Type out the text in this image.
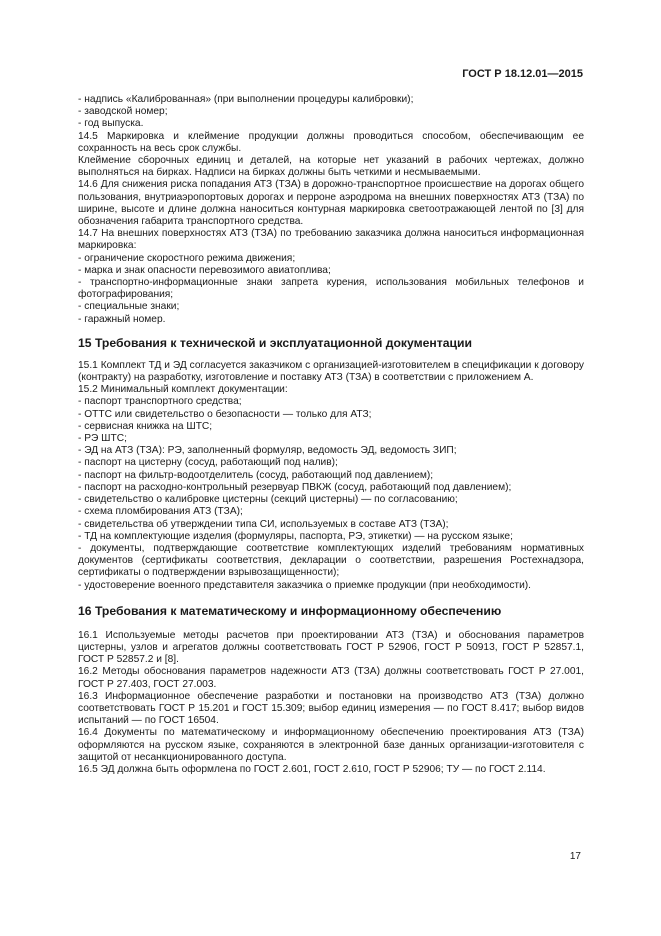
ГОСТ Р 18.12.01—2015

- надпись «Калиброванная» (при выполнении процедуры калибровки);

- заводской номер;

- год выпуска.

14.5 Маркировка и клеймение продукции должны проводиться способом, обеспечивающим ее сохранность на весь срок службы.

Клеймение сборочных единиц и деталей, на которые нет указаний в рабочих чертежах, должно выполняться на бирках. Надписи на бирках должны быть четкими и несмываемыми.

14.6 Для снижения риска попадания АТЗ (ТЗА) в дорожно-транспортное происшествие на дорогах общего пользования, внутриаэропортовых дорогах и перроне аэродрома на внешних поверхностях АТЗ (ТЗА) по ширине, высоте и длине должна наноситься контурная маркировка светоотражающей лентой по [3] для обозначения габарита транспортного средства.

14.7 На внешних поверхностях АТЗ (ТЗА) по требованию заказчика должна наноситься информационная маркировка:

- ограничение скоростного режима движения;

- марка и знак опасности перевозимого авиатоплива;

- транспортно-информационные знаки запрета курения, использования мобильных телефонов и фотографирования;

- специальные знаки;

- гаражный номер.

15 Требования к технической и эксплуатационной документации

15.1 Комплект ТД и ЭД согласуется заказчиком с организацией-изготовителем в спецификации к договору (контракту) на разработку, изготовление и поставку АТЗ (ТЗА) в соответствии с приложением А.

15.2 Минимальный комплект документации:

- паспорт транспортного средства;

- ОТТС или свидетельство о безопасности — только для АТЗ;

- сервисная книжка на ШТС;

- РЭ ШТС;

- ЭД на АТЗ (ТЗА): РЭ, заполненный формуляр, ведомость ЭД, ведомость ЗИП;

- паспорт на цистерну (сосуд, работающий под налив);

- паспорт на фильтр-водоотделитель (сосуд, работающий под давлением);

- паспорт на расходно-контрольный резервуар ПВКЖ (сосуд, работающий под давлением);

- свидетельство о калибровке цистерны (секций цистерны) — по согласованию;

- схема пломбирования АТЗ (ТЗА);

- свидетельства об утверждении типа СИ, используемых в составе АТЗ (ТЗА);

- ТД на комплектующие изделия (формуляры, паспорта, РЭ, этикетки) — на русском языке;

- документы, подтверждающие соответствие комплектующих изделий требованиям нормативных документов (сертификаты соответствия, декларации о соответствии, разрешения Ростехнадзора, сертификаты о подтверждении взрывозащищенности);

- удостоверение военного представителя заказчика о приемке продукции (при необходимости).

16 Требования к математическому и информационному обеспечению

16.1 Используемые методы расчетов при проектировании АТЗ (ТЗА) и обоснования параметров цистерны, узлов и агрегатов должны соответствовать ГОСТ Р 52906, ГОСТ Р 50913, ГОСТ Р 52857.1, ГОСТ Р 52857.2 и [8].

16.2 Методы обоснования параметров надежности АТЗ (ТЗА) должны соответствовать ГОСТ Р 27.001, ГОСТ Р 27.403, ГОСТ 27.003.

16.3 Информационное обеспечение разработки и постановки на производство АТЗ (ТЗА) должно соответствовать ГОСТ Р 15.201 и ГОСТ 15.309; выбор единиц измерения — по ГОСТ 8.417; выбор видов испытаний — по ГОСТ 16504.

16.4 Документы по математическому и информационному обеспечению проектирования АТЗ (ТЗА) оформляются на русском языке, сохраняются в электронной базе данных организации-изготовителя с защитой от несанкционированного доступа.

16.5 ЭД должна быть оформлена по ГОСТ 2.601, ГОСТ 2.610, ГОСТ Р 52906; ТУ — по ГОСТ 2.114.

17
